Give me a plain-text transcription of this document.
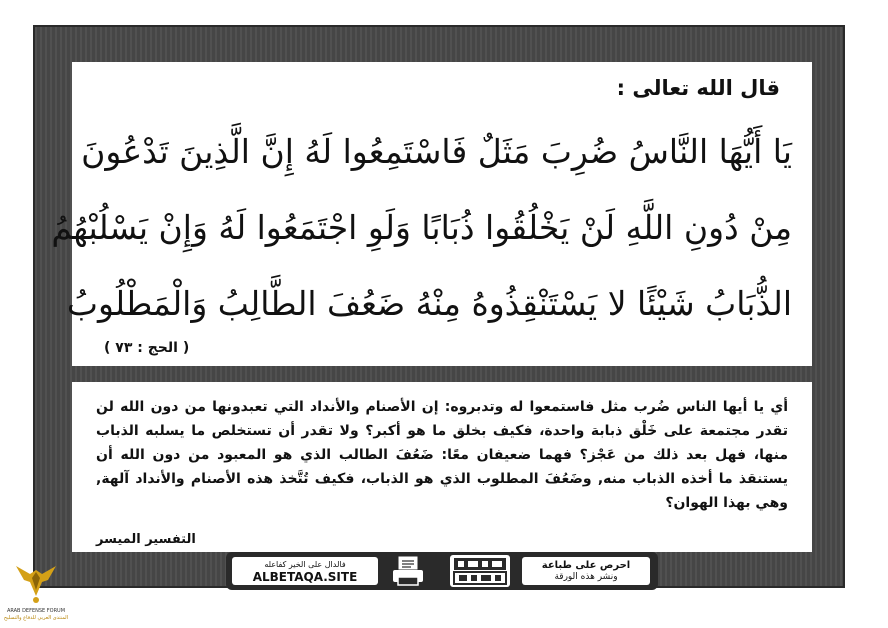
قال الله تعالى :
يَا أَيُّهَا النَّاسُ ضُرِبَ مَثَلٌ فَاسْتَمِعُوا لَهُ إِنَّ الَّذِينَ تَدْعُونَ
مِنْ دُونِ اللَّهِ لَنْ يَخْلُقُوا ذُبَابًا وَلَوِ اجْتَمَعُوا لَهُ وَإِنْ يَسْلُبْهُمُ
الذُّبَابُ شَيْئًا لا يَسْتَنْقِذُوهُ مِنْهُ ضَعُفَ الطَّالِبُ وَالْمَطْلُوبُ
( الحج : ٧٣ )
أي يا أيها الناس ضُرب مثل فاستمعوا له وتدبروه: إن الأصنام والأنداد التي تعبدونها من دون الله لن تقدر مجتمعة على خَلْق ذبابة واحدة، فكيف بخلق ما هو أكبر؟ ولا تقدر أن تستخلص ما يسلبه الذباب منها، فهل بعد ذلك من عَجْز؟ فهما ضعيفان معًا: ضَعُفَ الطالب الذي هو المعبود من دون الله أن يستنقذ ما أخذه الذباب منه, وضَعُفَ المطلوب الذي هو الذباب، فكيف تُتَّخذ هذه الأصنام والأنداد آلهة, وهي بهذا الهوان؟
التفسير الميسر
فالدال على الخير كفاعله
ALBETAQA.SITE
احرص على طباعة
ونشر هذه الورقة
ARAB DEFENSE FORUM
المنتدى العربي للدفاع والتسليح
